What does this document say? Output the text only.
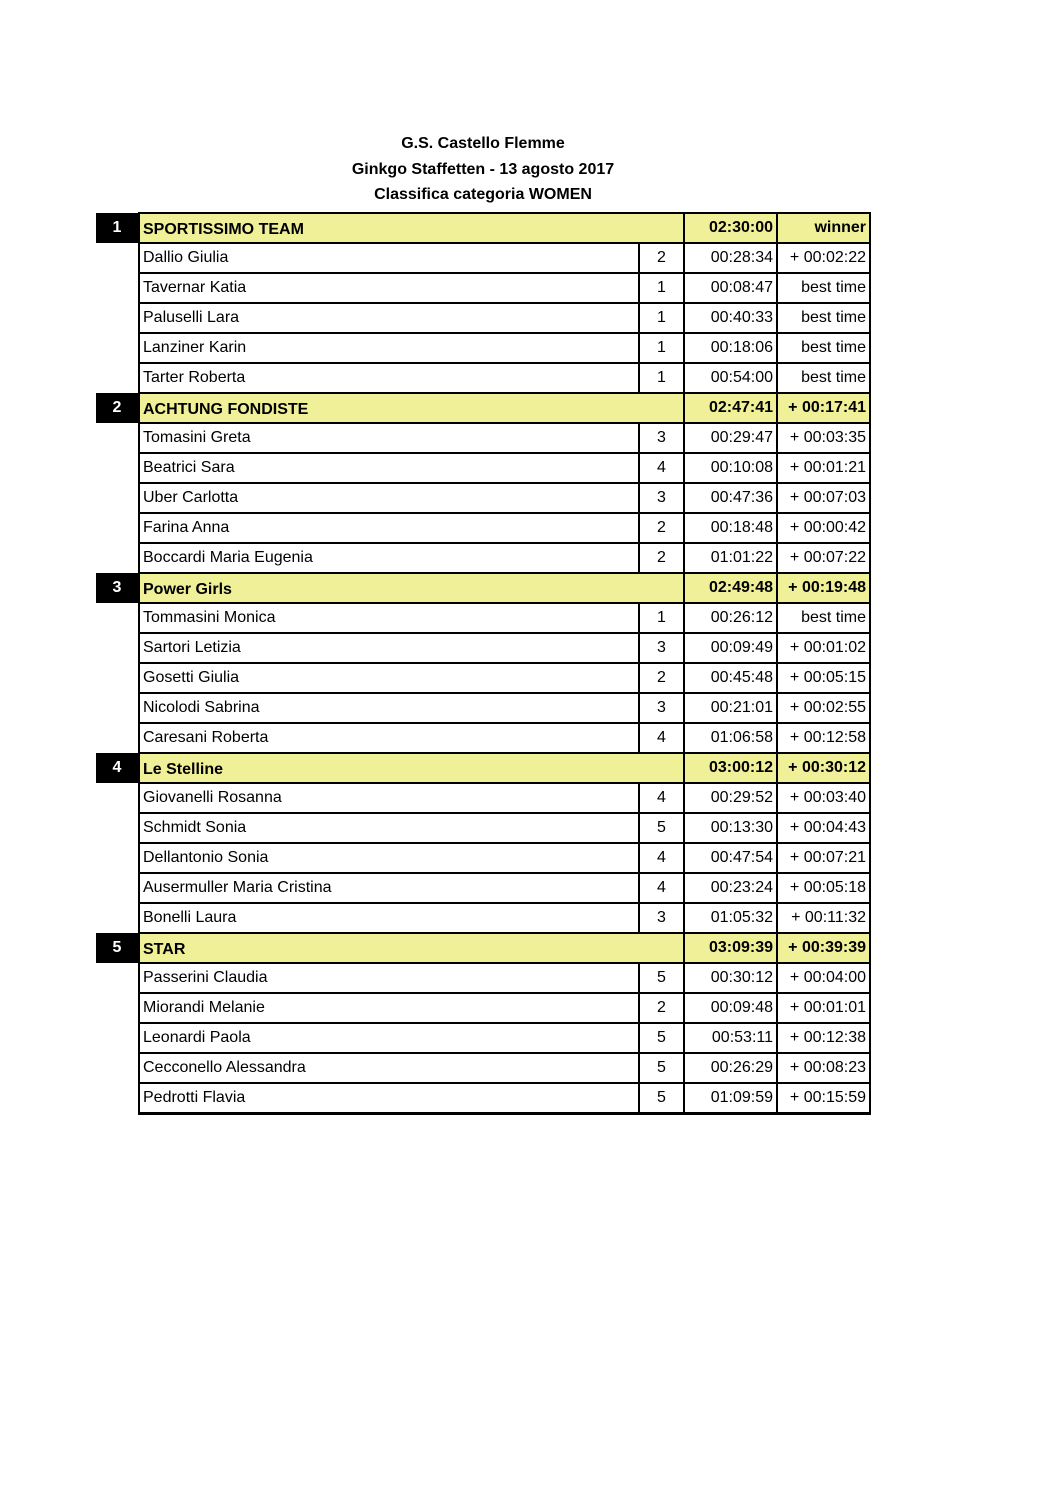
G.S. Castello Flemme
Ginkgo Staffetten - 13 agosto 2017
Classifica categoria WOMEN
1	SPORTISSIMO TEAM		02:30:00	winner
	Dallio Giulia	2	00:28:34	+ 00:02:22
	Tavernar Katia	1	00:08:47	best time
	Paluselli Lara	1	00:40:33	best time
	Lanziner Karin	1	00:18:06	best time
	Tarter Roberta	1	00:54:00	best time
2	ACHTUNG FONDISTE		02:47:41	+ 00:17:41
	Tomasini Greta	3	00:29:47	+ 00:03:35
	Beatrici Sara	4	00:10:08	+ 00:01:21
	Uber Carlotta	3	00:47:36	+ 00:07:03
	Farina Anna	2	00:18:48	+ 00:00:42
	Boccardi Maria Eugenia	2	01:01:22	+ 00:07:22
3	Power Girls		02:49:48	+ 00:19:48
	Tommasini Monica	1	00:26:12	best time
	Sartori Letizia	3	00:09:49	+ 00:01:02
	Gosetti Giulia	2	00:45:48	+ 00:05:15
	Nicolodi Sabrina	3	00:21:01	+ 00:02:55
	Caresani Roberta	4	01:06:58	+ 00:12:58
4	Le Stelline		03:00:12	+ 00:30:12
	Giovanelli Rosanna	4	00:29:52	+ 00:03:40
	Schmidt Sonia	5	00:13:30	+ 00:04:43
	Dellantonio Sonia	4	00:47:54	+ 00:07:21
	Ausermuller Maria Cristina	4	00:23:24	+ 00:05:18
	Bonelli Laura	3	01:05:32	+ 00:11:32
5	STAR		03:09:39	+ 00:39:39
	Passerini Claudia	5	00:30:12	+ 00:04:00
	Miorandi Melanie	2	00:09:48	+ 00:01:01
	Leonardi Paola	5	00:53:11	+ 00:12:38
	Cecconello Alessandra	5	00:26:29	+ 00:08:23
	Pedrotti Flavia	5	01:09:59	+ 00:15:59
